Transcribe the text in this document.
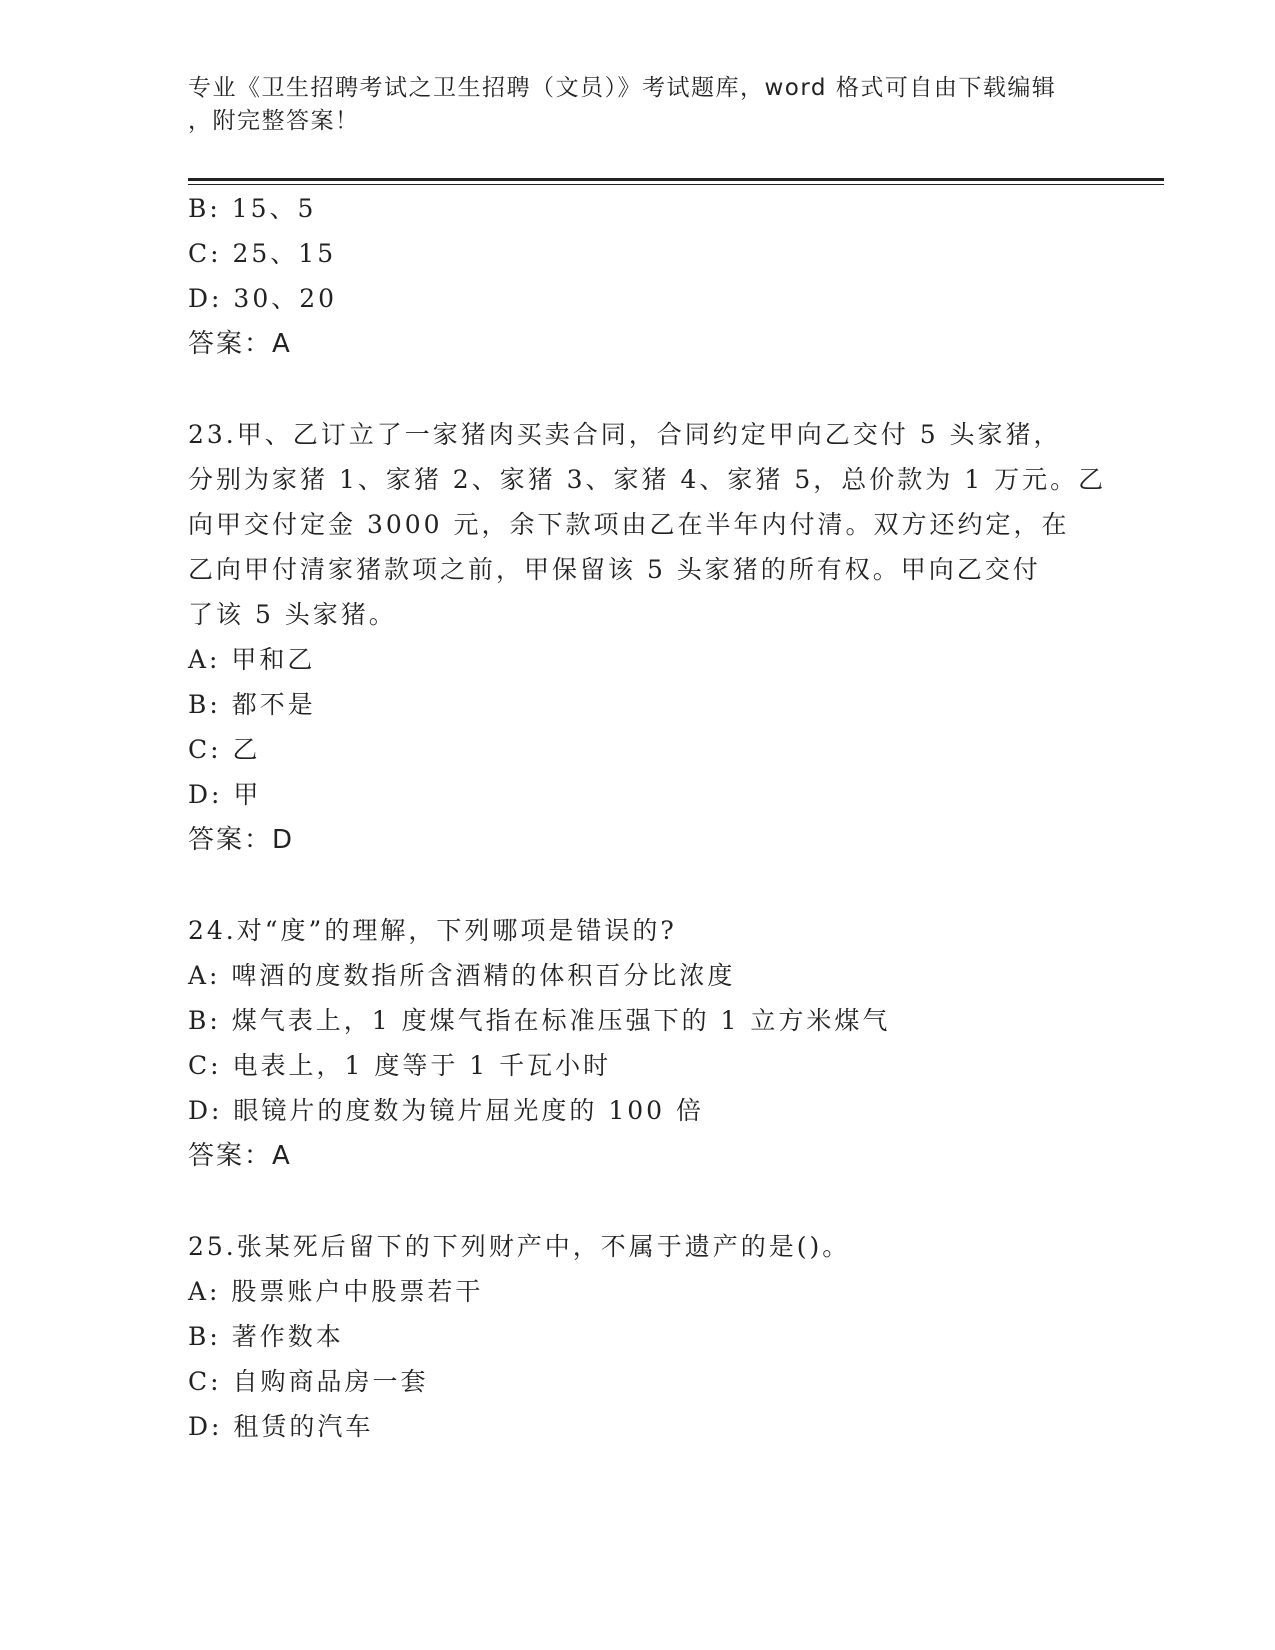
专业《卫生招聘考试之卫生招聘（文员）》考试题库，word 格式可自由下载编辑
，附完整答案！
B: 15、5
C: 25、15
D: 30、20
答案：A
23.甲、乙订立了一家猪肉买卖合同，合同约定甲向乙交付 5 头家猪，
分别为家猪 1、家猪 2、家猪 3、家猪 4、家猪 5，总价款为 1 万元。乙
向甲交付定金 3000 元，余下款项由乙在半年内付清。双方还约定，在
乙向甲付清家猪款项之前，甲保留该 5 头家猪的所有权。甲向乙交付
了该 5 头家猪。
A: 甲和乙
B: 都不是
C: 乙
D: 甲
答案：D
24.对“度”的理解，下列哪项是错误的?
A: 啤酒的度数指所含酒精的体积百分比浓度
B: 煤气表上，1 度煤气指在标准压强下的 1 立方米煤气
C: 电表上，1 度等于 1 千瓦小时
D: 眼镜片的度数为镜片屈光度的 100 倍
答案：A
25.张某死后留下的下列财产中，不属于遗产的是()。
A: 股票账户中股票若干
B: 著作数本
C: 自购商品房一套
D: 租赁的汽车
